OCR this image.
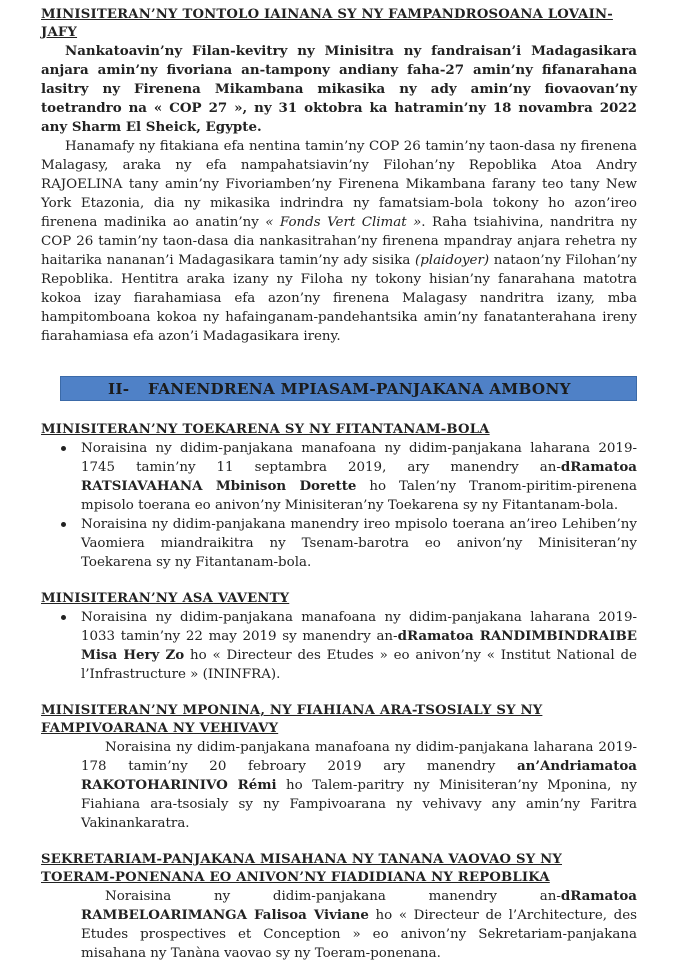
MINISITERAN’NY TONTOLO IAINANA SY NY FAMPANDROSOANA LOVAIN-JAFY

Nankatoavin’ny Filan-kevitry ny Minisitra ny fandraisan’i Madagasikara anjara amin’ny fivoriana an-tampony andiany faha-27 amin’ny fifanarahana lasitry ny Firenena Mikambana mikasika ny ady amin’ny fiovaovan’ny toetrandro na « COP 27 », ny 31 oktobra ka hatramin’ny 18 novambra 2022 any Sharm El Sheick, Egypte.

Hanamafy ny fitakiana efa nentina tamin’ny COP 26 tamin’ny taon-dasa ny firenena Malagasy, araka ny efa nampahatsiavin’ny Filohan’ny Repoblika Atoa Andry RAJOELINA tany amin’ny Fivoriamben’ny Firenena Mikambana farany teo tany New York Etazonia, dia ny mikasika indrindra ny famatsiam-bola tokony ho azon’ireo firenena madinika ao anatin’ny « Fonds Vert Climat ». Raha tsiahivina, nandritra ny COP 26 tamin’ny taon-dasa dia nankasitrahan’ny firenena mpandray anjara rehetra ny haitarika nananan’i Madagasikara tamin’ny ady sisika (plaidoyer) nataon’ny Filohan’ny Repoblika. Hentitra araka izany ny Filoha ny tokony hisian’ny fanarahana matotra kokoa izay fiarahamiasa efa azon’ny firenena Malagasy nandritra izany, mba hampitomboana kokoa ny hafainganam-pandehantsika amin’ny fanatanterahana ireny fiarahamiasa efa azon’i Madagasikara ireny.

II- FANENDRENA MPIASAM-PANJAKANA AMBONY
MINISITERAN’NY TOEKARENA SY NY FITANTANAM-BOLA
Noraisina ny didim-panjakana manafoana ny didim-panjakana laharana 2019-1745 tamin’ny 11 septambra 2019, ary manendry an-dRamatoa RATSIAVAHANA Mbinison Dorette ho Talen’ny Tranom-piritim-pirenena mpisolo toerana eo anivon’ny Minisiteran’ny Toekarena sy ny Fitantanam-bola.
Noraisina ny didim-panjakana manendry ireo mpisolo toerana an’ireo Lehiben’ny Vaomiera miandraikitra ny Tsenam-barotra eo anivon’ny Minisiteran’ny Toekarena sy ny Fitantanam-bola.
MINISITERAN’NY ASA VAVENTY
Noraisina ny didim-panjakana manafoana ny didim-panjakana laharana 2019-1033 tamin’ny 22 may 2019 sy manendry an-dRamatoa RANDIMBINDRAIBE Misa Hery Zo ho « Directeur des Etudes » eo anivon’ny « Institut National de l’Infrastructure » (ININFRA).
MINISITERAN’NY MPONINA, NY FIAHIANA ARA-TSOSIALY SY NY FAMPIVOARANA NY VEHIVAVY

Noraisina ny didim-panjakana manafoana ny didim-panjakana laharana 2019-178 tamin’ny 20 febroary 2019 ary manendry an’Andriamatoa RAKOTOHARINIVO Rémi ho Talem-paritry ny Minisiteran’ny Mponina, ny Fiahiana ara-tsosialy sy ny Fampivoarana ny vehivavy any amin’ny Faritra Vakinankaratra.

SEKRETARIAM-PANJAKANA MISAHANA NY TANANA VAOVAO SY NY TOERAM-PONENANA EO ANIVON’NY FIADIDIANA NY REPOBLIKA

Noraisina ny didim-panjakana manendry an-dRamatoa RAMBELOARIMANGA Falisoa Viviane ho « Directeur de l’Architecture, des Etudes prospectives et Conception » eo anivon’ny Sekretariam-panjakana misahana ny Tanàna vaovao sy ny Toeram-ponenana.
